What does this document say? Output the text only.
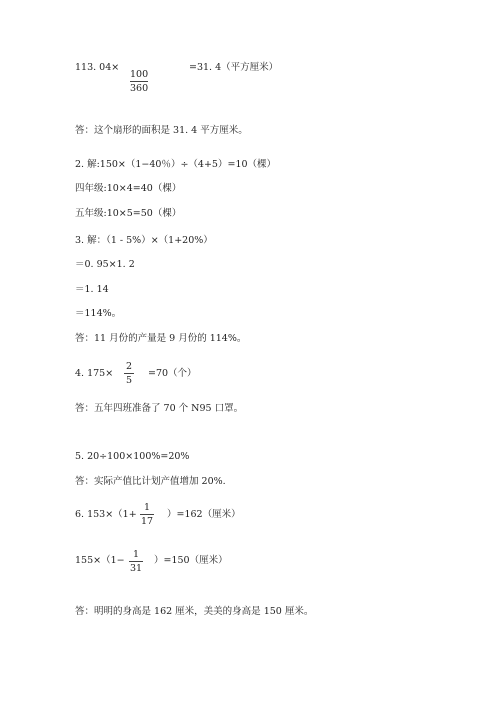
113. 04×
100
360
=31. 4（平方厘米）
答：这个扇形的面积是 31. 4 平方厘米。
2. 解:150×（1−40％）÷（4+5）=10（棵）
四年级:10×4=40（棵）
五年级:10×5=50（棵）
3. 解：（1 - 5%）×（1+20%）
＝0. 95×1. 2
＝1. 14
＝114%。
答：11 月份的产量是 9 月份的 114%。
4. 175×
2
5
=70（个）
答：五年四班准备了 70 个 N95 口罩。
5. 20÷100×100%=20%
答：实际产值比计划产值增加 20%.
6. 153×（1+
1
17
）=162（厘米）
155×（1−
1
31
）=150（厘米）
答：明明的身高是 162 厘米，美美的身高是 150 厘米。
